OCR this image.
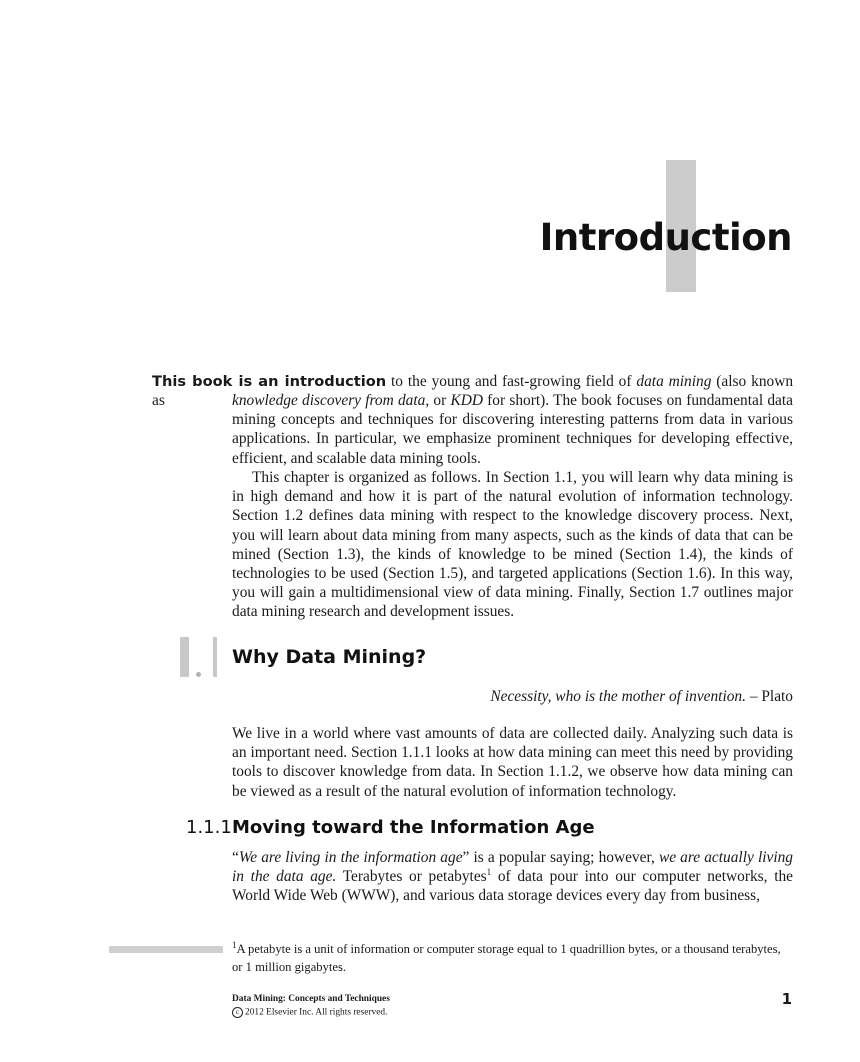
Introduction
This book is an introduction to the young and fast-growing field of data mining (also known as	knowledge discovery from data, or KDD for short). The book focuses on fundamental data mining concepts and techniques for discovering interesting patterns from data in various applications. In particular, we emphasize prominent techniques for developing effective, efficient, and scalable data mining tools.
This chapter is organized as follows. In Section 1.1, you will learn why data mining is in high demand and how it is part of the natural evolution of information technology. Section 1.2 defines data mining with respect to the knowledge discovery process. Next, you will learn about data mining from many aspects, such as the kinds of data that can be mined (Section 1.3), the kinds of knowledge to be mined (Section 1.4), the kinds of technologies to be used (Section 1.5), and targeted applications (Section 1.6). In this way, you will gain a multidimensional view of data mining. Finally, Section 1.7 outlines major data mining research and development issues.
Why Data Mining?
Necessity, who is the mother of invention. – Plato
We live in a world where vast amounts of data are collected daily. Analyzing such data is an important need. Section 1.1.1 looks at how data mining can meet this need by providing tools to discover knowledge from data. In Section 1.1.2, we observe how data mining can be viewed as a result of the natural evolution of information technology.
1.1.1 Moving toward the Information Age
“We are living in the information age” is a popular saying; however, we are actually living in the data age. Terabytes or petabytes$^1$ of data pour into our computer networks, the World Wide Web (WWW), and various data storage devices every day from business,
$^1$A petabyte is a unit of information or computer storage equal to 1 quadrillion bytes, or a thousand terabytes, or 1 million gigabytes.
Data Mining: Concepts and Techniques
c 2012 Elsevier Inc. All rights reserved.
1
